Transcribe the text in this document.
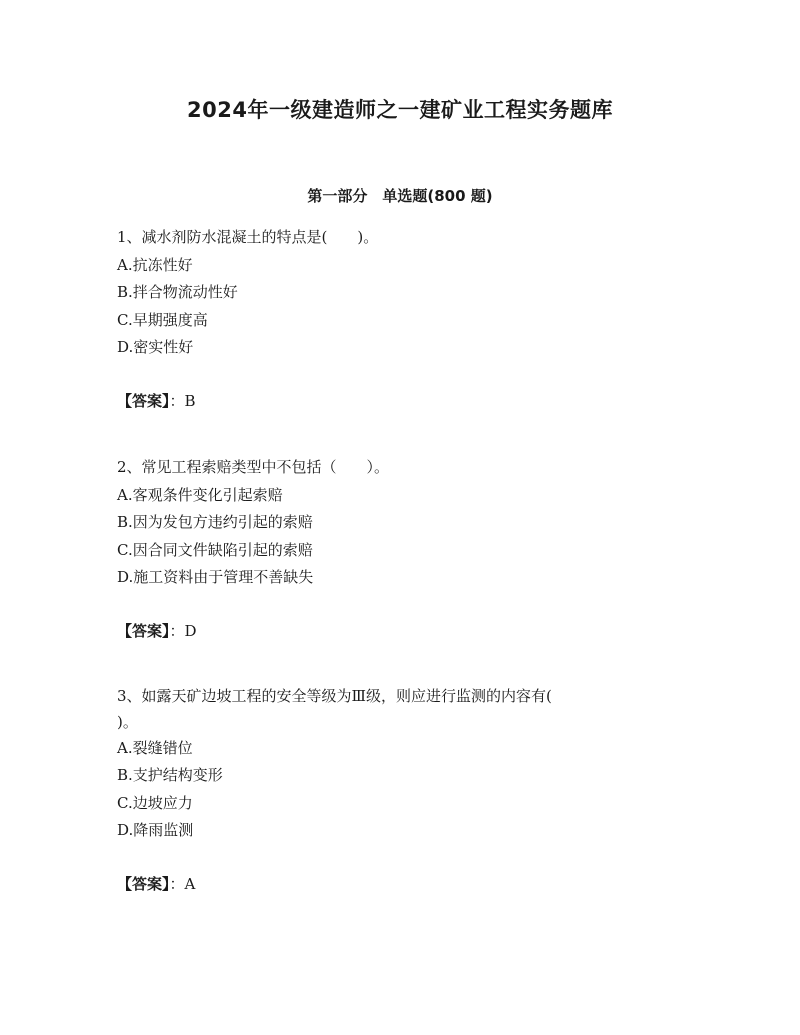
2024年一级建造师之一建矿业工程实务题库
第一部分　单选题(800 题)
1、减水剂防水混凝土的特点是(　　)。
A.抗冻性好
B.拌合物流动性好
C.早期强度高
D.密实性好
【答案】：B
2、常见工程索赔类型中不包括（　　）。
A.客观条件变化引起索赔
B.因为发包方违约引起的索赔
C.因合同文件缺陷引起的索赔
D.施工资料由于管理不善缺失
【答案】：D
3、如露天矿边坡工程的安全等级为Ⅲ级，则应进行监测的内容有(
)。
A.裂缝错位
B.支护结构变形
C.边坡应力
D.降雨监测
【答案】：A
